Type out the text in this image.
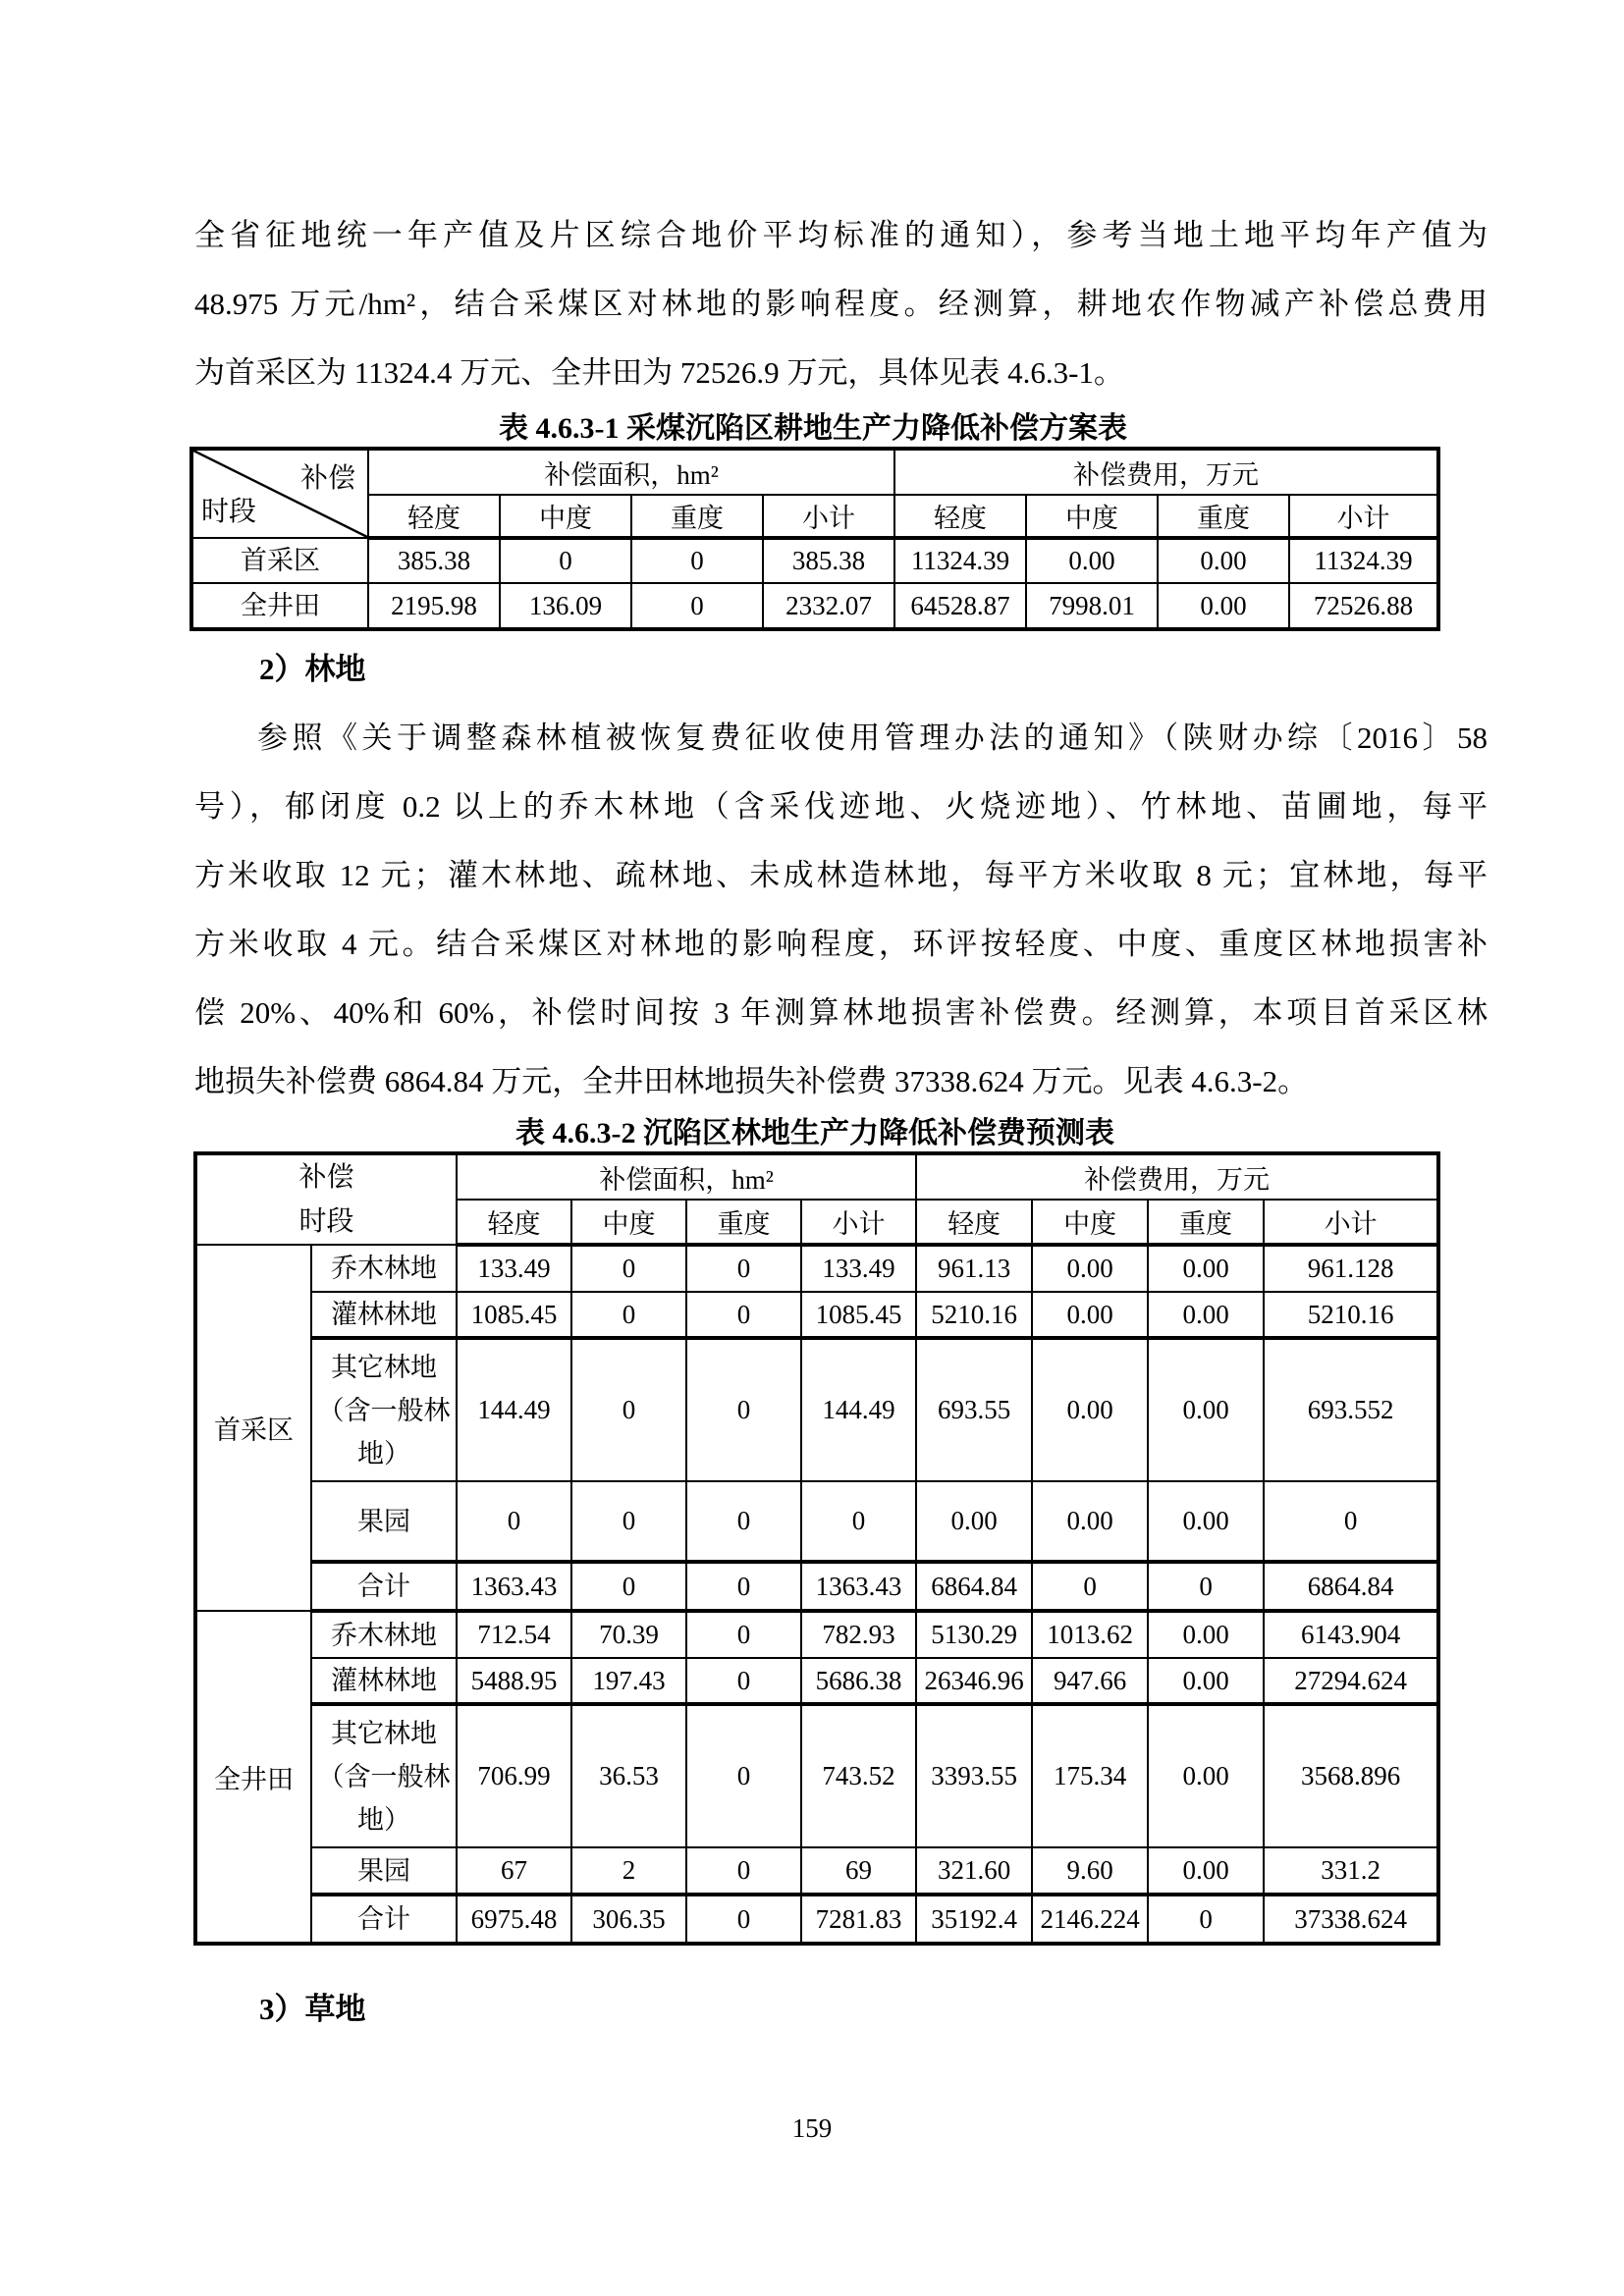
全省征地统一年产值及片区综合地价平均标准的通知），参考当地土地平均年产值为
48.975 万元/hm²，结合采煤区对林地的影响程度。经测算，耕地农作物减产补偿总费用
为首采区为 11324.4 万元、全井田为 72526.9 万元，具体见表 4.6.3-1。
表 4.6.3-1 采煤沉陷区耕地生产力降低补偿方案表
补偿
时段	补偿面积，hm²				补偿费用，万元			
	轻度	中度	重度	小计	轻度	中度	重度	小计
首采区	385.38	0	0	385.38	11324.39	0.00	0.00	11324.39
全井田	2195.98	136.09	0	2332.07	64528.87	7998.01	0.00	72526.88
2）林地
参照《关于调整森林植被恢复费征收使用管理办法的通知》（陕财办综〔2016〕58
号），郁闭度 0.2 以上的乔木林地（含采伐迹地、火烧迹地）、竹林地、苗圃地，每平
方米收取 12 元；灌木林地、疏林地、未成林造林地，每平方米收取 8 元；宜林地，每平
方米收取 4 元。结合采煤区对林地的影响程度，环评按轻度、中度、重度区林地损害补
偿 20%、40%和 60%，补偿时间按 3 年测算林地损害补偿费。经测算，本项目首采区林
地损失补偿费 6864.84 万元，全井田林地损失补偿费 37338.624 万元。见表 4.6.3-2。
表 4.6.3-2 沉陷区林地生产力降低补偿费预测表
补偿
时段		补偿面积，hm²				补偿费用，万元			
		轻度	中度	重度	小计	轻度	中度	重度	小计
首采区	乔木林地	133.49	0	0	133.49	961.13	0.00	0.00	961.128
	灌林林地	1085.45	0	0	1085.45	5210.16	0.00	0.00	5210.16
	其它林地（含一般林地）	144.49	0	0	144.49	693.55	0.00	0.00	693.552
	果园	0	0	0	0	0.00	0.00	0.00	0
	合计	1363.43	0	0	1363.43	6864.84	0	0	6864.84
全井田	乔木林地	712.54	70.39	0	782.93	5130.29	1013.62	0.00	6143.904
	灌林林地	5488.95	197.43	0	5686.38	26346.96	947.66	0.00	27294.624
	其它林地（含一般林地）	706.99	36.53	0	743.52	3393.55	175.34	0.00	3568.896
	果园	67	2	0	69	321.60	9.60	0.00	331.2
	合计	6975.48	306.35	0	7281.83	35192.4	2146.224	0	37338.624
3）草地
159
